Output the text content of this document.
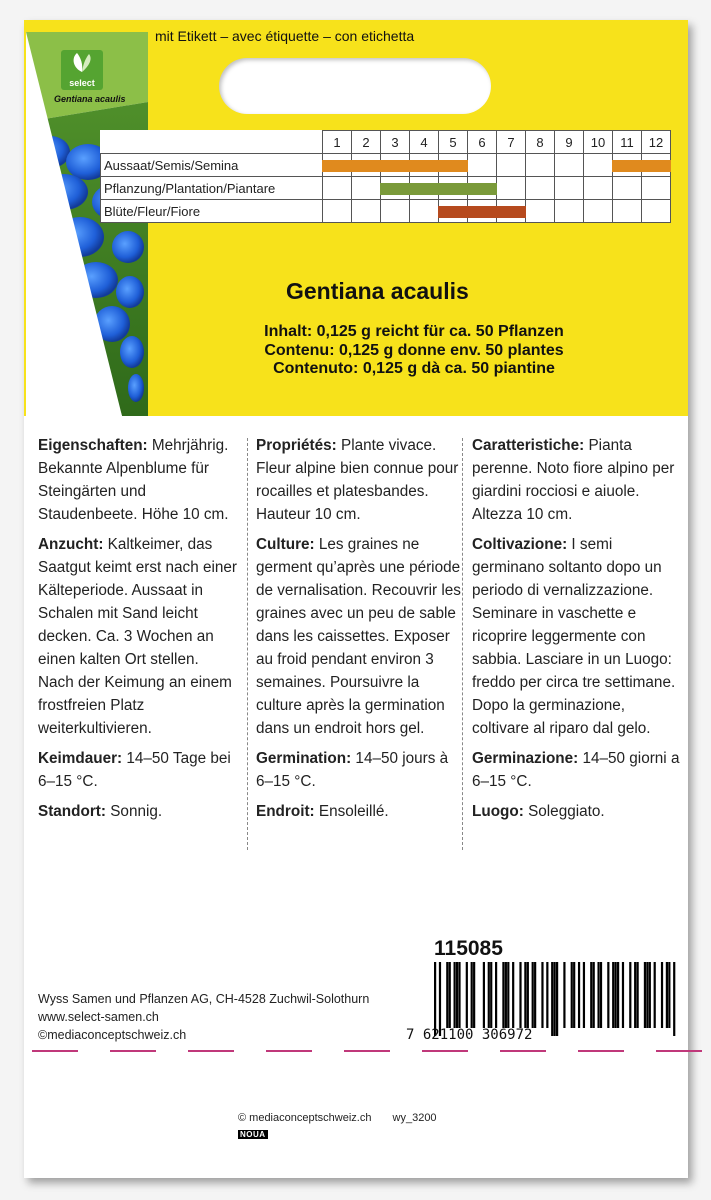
mit Etikett – avec étiquette – con etichetta
select
Gentiana acaulis
	1	2	3	4	5	6	7	8	9	10	11	12
Aussaat/Semis/Semina	

Pflanzung/Plantation/Piantare			

Blüte/Fleur/Fiore					

Gentiana acaulis
Inhalt: 0,125 g reicht für ca. 50 Pflanzen
Contenu: 0,125 g donne env. 50 plantes
Contenuto: 0,125 g dà ca. 50 piantine

Eigenschaften: Mehrjährig. Bekannte Alpenblume für Steingärten und Staudenbeete. Höhe 10 cm.

Anzucht: Kaltkeimer, das Saatgut keimt erst nach einer Kälteperiode. Aussaat in Schalen mit Sand leicht decken. Ca. 3 Wochen an einen kalten Ort stellen. Nach der Keimung an einem frostfreien Platz weiterkultivieren.

Keimdauer: 14–50 Tage bei 6–15 °C.

Standort: Sonnig.

Propriétés: Plante vivace. Fleur alpine bien connue pour rocailles et platesbandes. Hauteur 10 cm.

Culture: Les graines ne germent qu’après une période de vernalisation. Recouvrir les graines avec un peu de sable dans les caissettes. Exposer au froid pendant environ 3 semaines. Poursuivre la culture après la germination dans un endroit hors gel.

Germination: 14–50 jours à 6–15 °C.

Endroit: Ensoleillé.

Caratteristiche: Pianta perenne. Noto fiore alpino per giardini rocciosi e aiuole. Altezza 10 cm.

Coltivazione: I semi germinano soltanto dopo un periodo di vernalizzazione. Seminare in vaschette e ricoprire leggermente con sabbia. Lasciare in un Luogo: freddo per circa tre settimane. Dopo la germinazione, coltivare al riparo dal gelo.

Germinazione: 14–50 giorni a 6–15 °C.

Luogo: Soleggiato.

115085
7 621100 306972
Wyss Samen und Pflanzen AG, CH-4528 Zuchwil-Solothurn
www.select-samen.ch
©mediaconceptschweiz.ch
© mediaconceptschweiz.ch wy_3200
NOUA
